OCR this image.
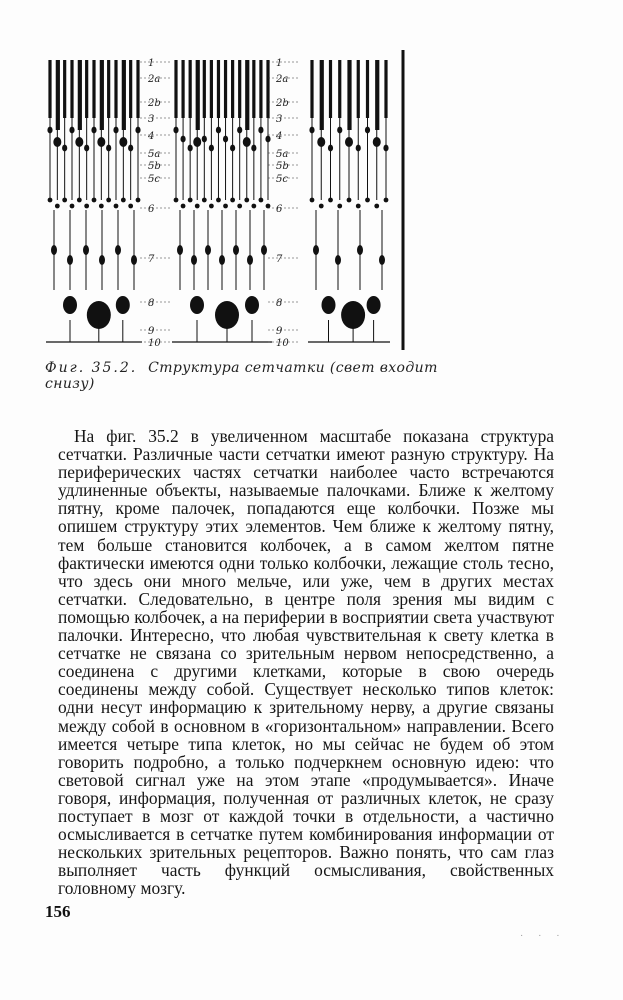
1
2a
2b
3
4
5a
5b
5c
6
7
8
9
10
1
2a
2b
3
4
5a
5b
5c
6
7
8
9
10
Фиг. 35.2. Структура сетчатки (свет входит снизу)

На фиг. 35.2 в увеличенном масштабе показана структура сетчатки. Различные части сетчатки имеют разную структуру. На периферических частях сетчатки наиболее часто встречаются удлиненные объекты, называемые палочками. Ближе к желтому пятну, кроме палочек, попадаются еще колбочки. Позже мы опишем структуру этих элементов. Чем ближе к желтому пятну, тем больше становится колбочек, а в самом желтом пятне фактически имеются одни только колбочки, лежащие столь тесно, что здесь они много мельче, или уже, чем в других местах сетчатки. Следовательно, в центре поля зрения мы видим с помощью колбочек, а на периферии в восприятии света участвуют палочки. Интересно, что любая чувствительная к свету клетка в сетчатке не связана со зрительным нервом непосредственно, а соединена с другими клетками, которые в свою очередь соединены между собой. Существует несколько типов клеток: одни несут информацию к зрительному нерву, а другие связаны между собой в основном в «горизонтальном» направлении. Всего имеется четыре типа клеток, но мы сейчас не будем об этом говорить подробно, а только подчеркнем основную идею: что световой сигнал уже на этом этапе «продумывается». Иначе говоря, информация, полученная от различных клеток, не сразу поступает в мозг от каждой точки в отдельности, а частично осмысливается в сетчатке путем комбинирования информации от нескольких зрительных рецепторов. Важно понять, что сам глаз выполняет часть функций осмысливания, свойственных головному мозгу.

156
· · ·
